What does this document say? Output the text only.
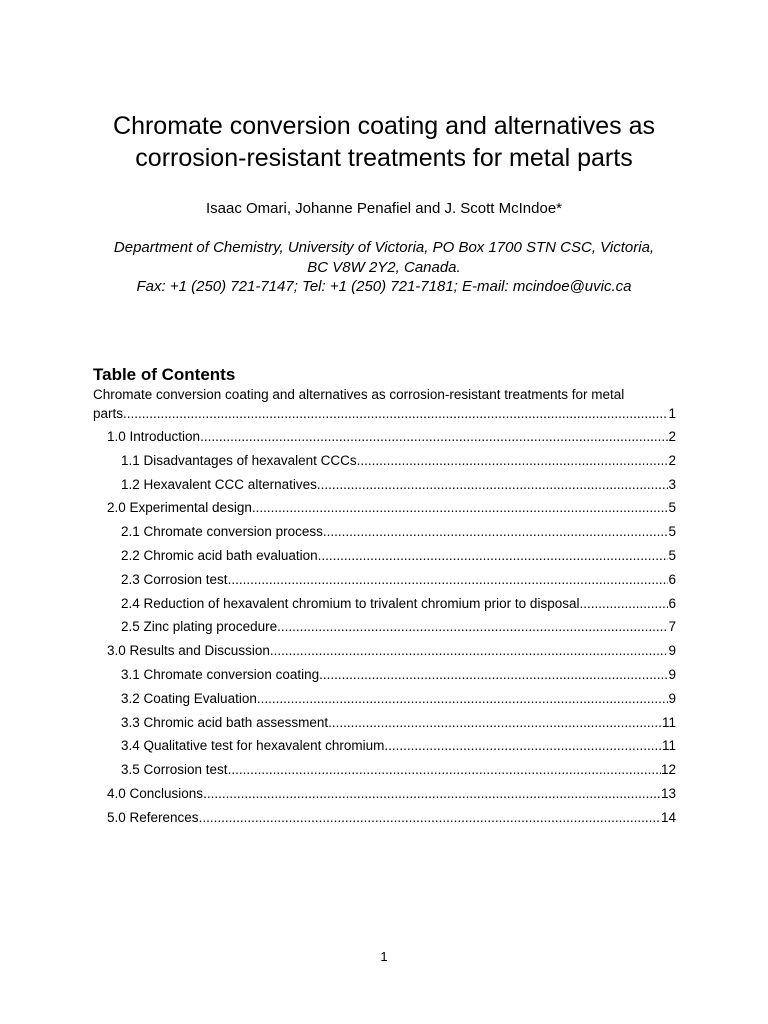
Chromate conversion coating and alternatives as
corrosion-resistant treatments for metal parts
Isaac Omari, Johanne Penafiel and J. Scott McIndoe*
Department of Chemistry, University of Victoria, PO Box 1700 STN CSC, Victoria,
BC V8W 2Y2, Canada.
Fax: +1 (250) 721-7147; Tel: +1 (250) 721-7181; E-mail: mcindoe@uvic.ca
Table of Contents
Chromate conversion coating and alternatives as corrosion-resistant treatments for metal
parts .....	1
1.0 Introduction .....	2
1.1 Disadvantages of hexavalent CCCs .....	2
1.2 Hexavalent CCC alternatives .....	3
2.0 Experimental design .....	5
2.1 Chromate conversion process .....	5
2.2 Chromic acid bath evaluation .....	5
2.3 Corrosion test .....	6
2.4 Reduction of hexavalent chromium to trivalent chromium prior to disposal .....	6
2.5 Zinc plating procedure .....	7
3.0 Results and Discussion .....	9
3.1 Chromate conversion coating .....	9
3.2 Coating Evaluation .....	9
3.3 Chromic acid bath assessment .....	11
3.4 Qualitative test for hexavalent chromium .....	11
3.5 Corrosion test .....	12
4.0 Conclusions .....	13
5.0 References .....	14
1
